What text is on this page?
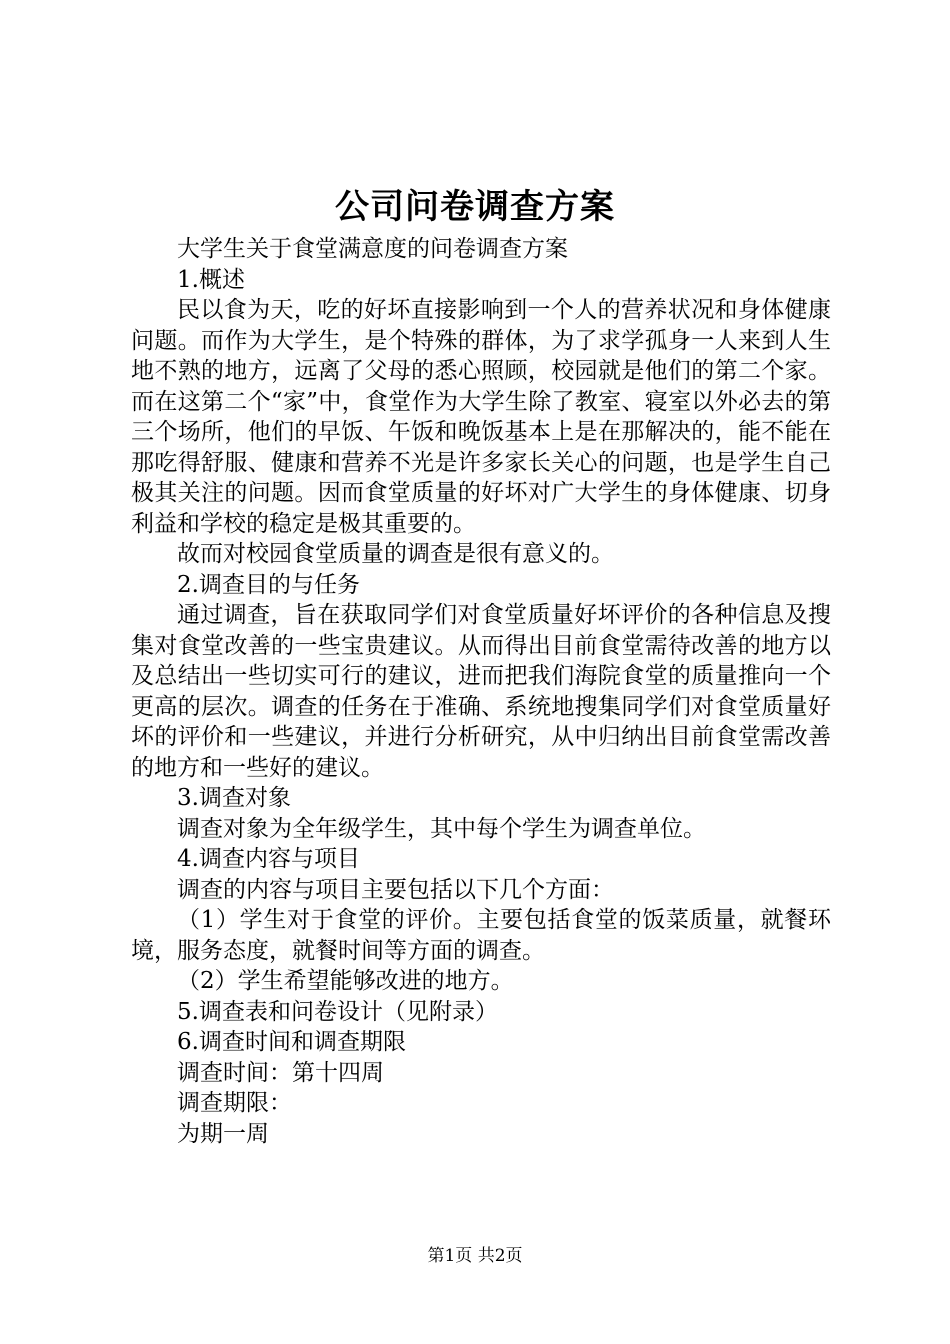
公司问卷调查方案

大学生关于食堂满意度的问卷调查方案

1.概述

民以食为天，吃的好坏直接影响到一个人的营养状况和身体健康问题。而作为大学生，是个特殊的群体，为了求学孤身一人来到人生地不熟的地方，远离了父母的悉心照顾，校园就是他们的第二个家。而在这第二个“家”中，食堂作为大学生除了教室、寝室以外必去的第三个场所，他们的早饭、午饭和晚饭基本上是在那解决的，能不能在那吃得舒服、健康和营养不光是许多家长关心的问题，也是学生自己极其关注的问题。因而食堂质量的好坏对广大学生的身体健康、切身利益和学校的稳定是极其重要的。

故而对校园食堂质量的调查是很有意义的。

2.调查目的与任务

通过调查，旨在获取同学们对食堂质量好坏评价的各种信息及搜集对食堂改善的一些宝贵建议。从而得出目前食堂需待改善的地方以及总结出一些切实可行的建议，进而把我们海院食堂的质量推向一个更高的层次。调查的任务在于准确、系统地搜集同学们对食堂质量好坏的评价和一些建议，并进行分析研究，从中归纳出目前食堂需改善的地方和一些好的建议。

3.调查对象

调查对象为全年级学生，其中每个学生为调查单位。

4.调查内容与项目

调查的内容与项目主要包括以下几个方面：

（1）学生对于食堂的评价。主要包括食堂的饭菜质量，就餐环境，服务态度，就餐时间等方面的调查。

（2）学生希望能够改进的地方。

5.调查表和问卷设计（见附录）

6.调查时间和调查期限

调查时间：第十四周

调查期限：

为期一周

第1页 共2页
